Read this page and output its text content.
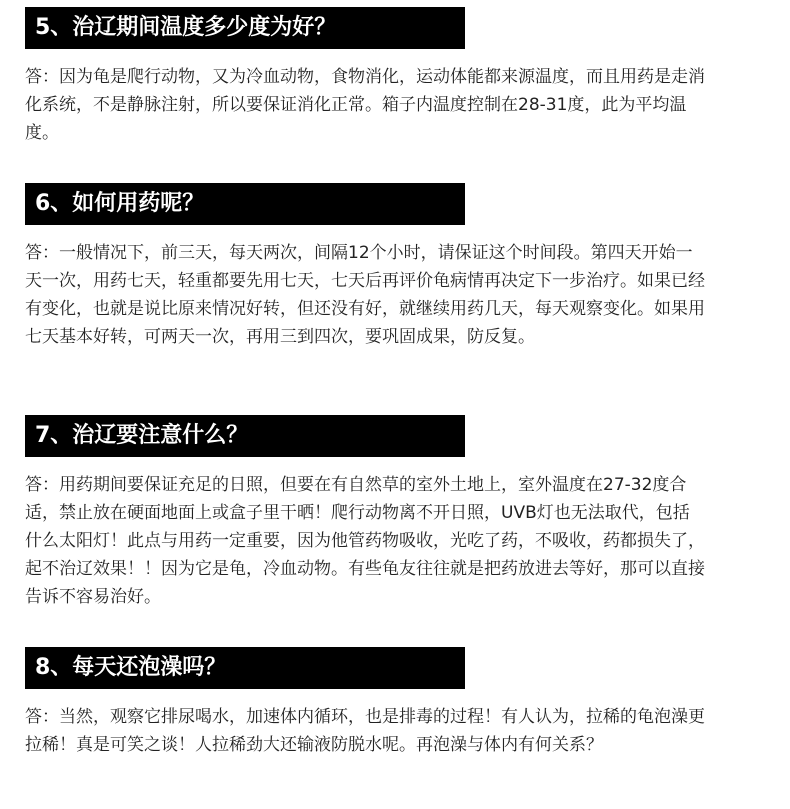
5、治辽期间温度多少度为好？

答：因为龟是爬行动物，又为冷血动物，食物消化，运动体能都来源温度，而且用药是走消化系统，不是静脉注射，所以要保证消化正常。箱子内温度控制在28-31度，此为平均温度。

6、如何用药呢？

答：一般情况下，前三天，每天两次，间隔12个小时，请保证这个时间段。第四天开始一天一次，用药七天，轻重都要先用七天，七天后再评价龟病情再决定下一步治疗。如果已经有变化，也就是说比原来情况好转，但还没有好，就继续用药几天，每天观察变化。如果用七天基本好转，可两天一次，再用三到四次，要巩固成果，防反复。

7、治辽要注意什么？

答：用药期间要保证充足的日照，但要在有自然草的室外土地上，室外温度在27-32度合适，禁止放在硬面地面上或盒子里干晒！爬行动物离不开日照，UVB灯也无法取代，包括什么太阳灯！此点与用药一定重要，因为他管药物吸收，光吃了药，不吸收，药都损失了，起不治辽效果！！因为它是龟，冷血动物。有些龟友往往就是把药放进去等好，那可以直接告诉不容易治好。

8、每天还泡澡吗？

答：当然，观察它排尿喝水，加速体内循环，也是排毒的过程！有人认为，拉稀的龟泡澡更拉稀！真是可笑之谈！人拉稀劲大还输液防脱水呢。再泡澡与体内有何关系？
